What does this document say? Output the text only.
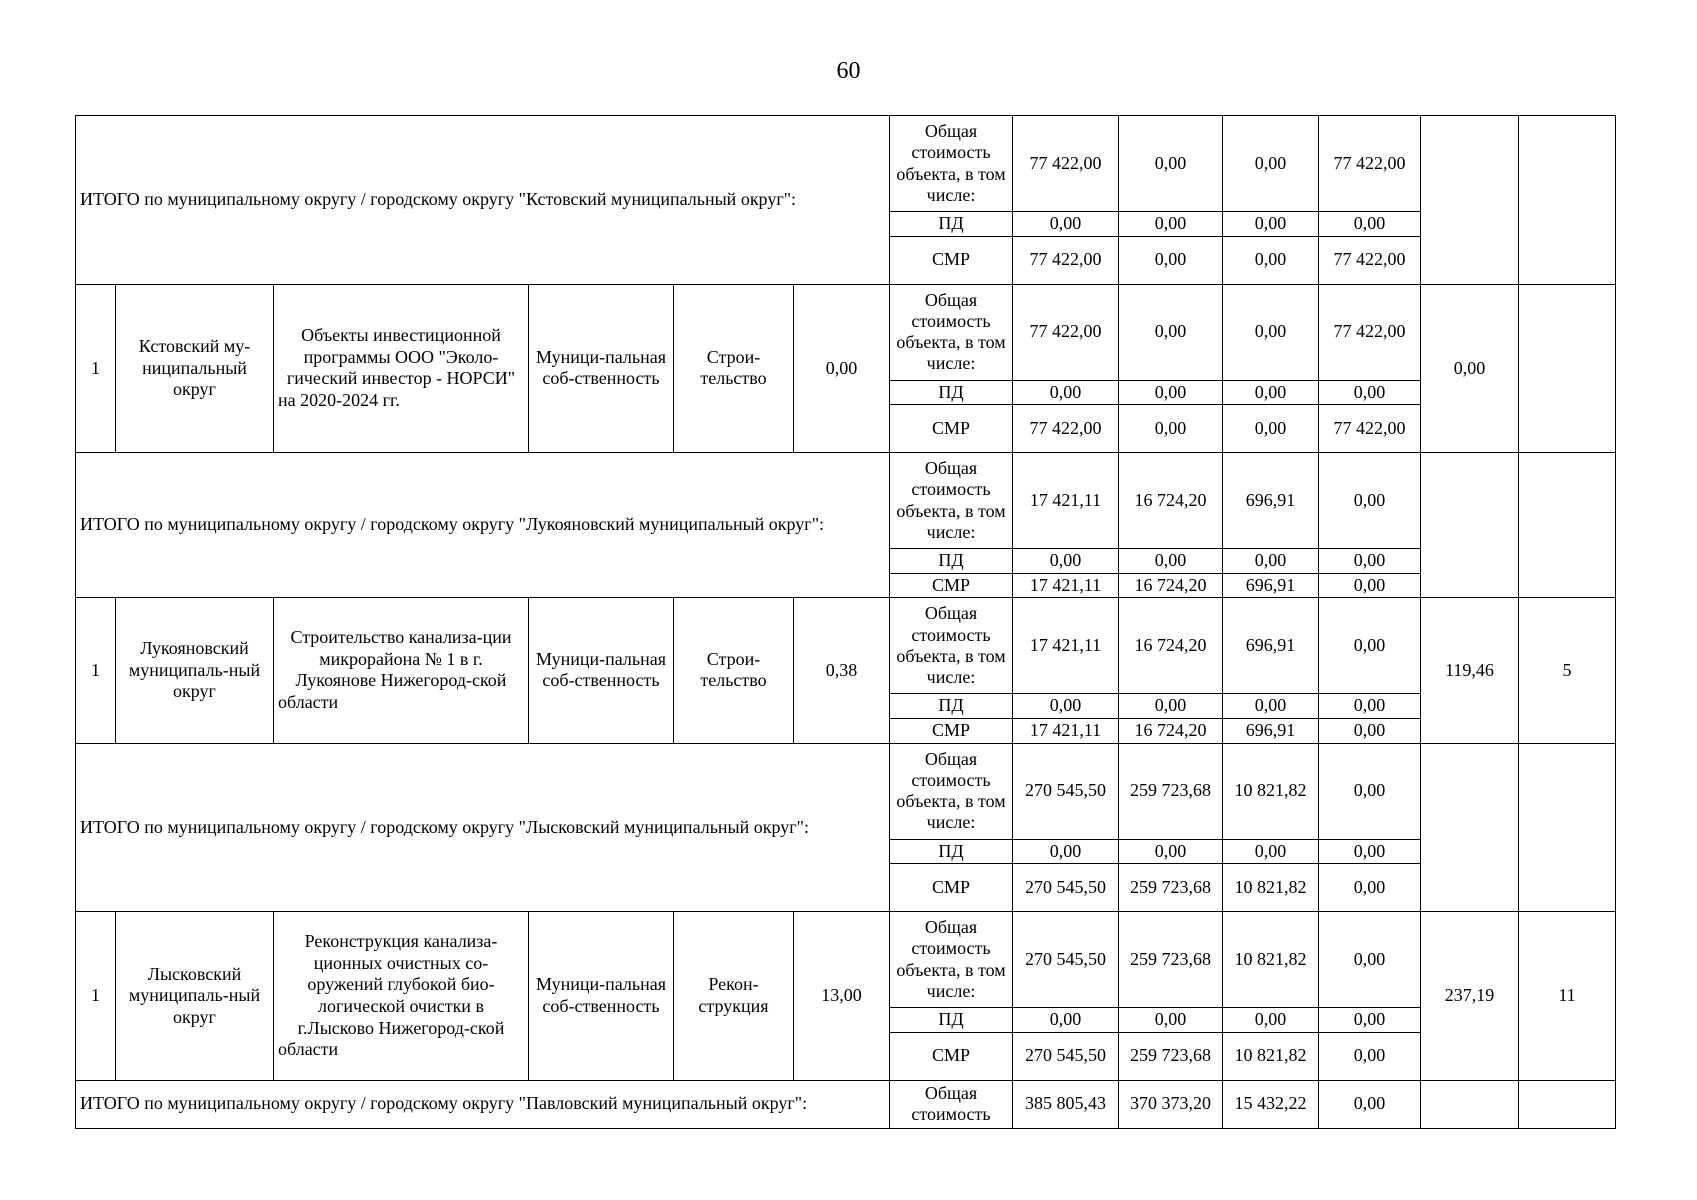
60
ИТОГО по муниципальному округу / городскому округу "Кстовский муниципальный округ":						Общая стоимость объекта, в том числе:	77 422,00	0,00	0,00	77 422,00		
						ПД	0,00	0,00	0,00	0,00		
						СМР	77 422,00	0,00	0,00	77 422,00		
1	Кстовский му-ниципальный округ	Объекты инвестиционной программы ООО "Эколо-гический инвестор - НОРСИ" на 2020-2024 гг.	Муници-пальная соб-ственность	Строи-тельство	0,00	Общая стоимость объекта, в том числе:	77 422,00	0,00	0,00	77 422,00	0,00	
						ПД	0,00	0,00	0,00	0,00		
						СМР	77 422,00	0,00	0,00	77 422,00		
ИТОГО по муниципальному округу / городскому округу "Лукояновский муниципальный округ":						Общая стоимость объекта, в том числе:	17 421,11	16 724,20	696,91	0,00		
						ПД	0,00	0,00	0,00	0,00		
						СМР	17 421,11	16 724,20	696,91	0,00		
1	Лукояновский муниципаль-ный округ	Строительство канализа-ции микрорайона № 1 в г. Лукоянове Нижегород-ской области	Муници-пальная соб-ственность	Строи-тельство	0,38	Общая стоимость объекта, в том числе:	17 421,11	16 724,20	696,91	0,00	119,46	5
						ПД	0,00	0,00	0,00	0,00		
						СМР	17 421,11	16 724,20	696,91	0,00		
ИТОГО по муниципальному округу / городскому округу "Лысковский муниципальный округ":						Общая стоимость объекта, в том числе:	270 545,50	259 723,68	10 821,82	0,00		
						ПД	0,00	0,00	0,00	0,00		
						СМР	270 545,50	259 723,68	10 821,82	0,00		
1	Лысковский муниципаль-ный округ	Реконструкция канализа-ционных очистных со-оружений глубокой био-логической очистки в г.Лысково Нижегород-ской области	Муници-пальная соб-ственность	Рекон-струкция	13,00	Общая стоимость объекта, в том числе:	270 545,50	259 723,68	10 821,82	0,00	237,19	11
						ПД	0,00	0,00	0,00	0,00		
						СМР	270 545,50	259 723,68	10 821,82	0,00		
ИТОГО по муниципальному округу / городскому округу "Павловский муниципальный округ":						Общая стоимость	385 805,43	370 373,20	15 432,22	0,00		
